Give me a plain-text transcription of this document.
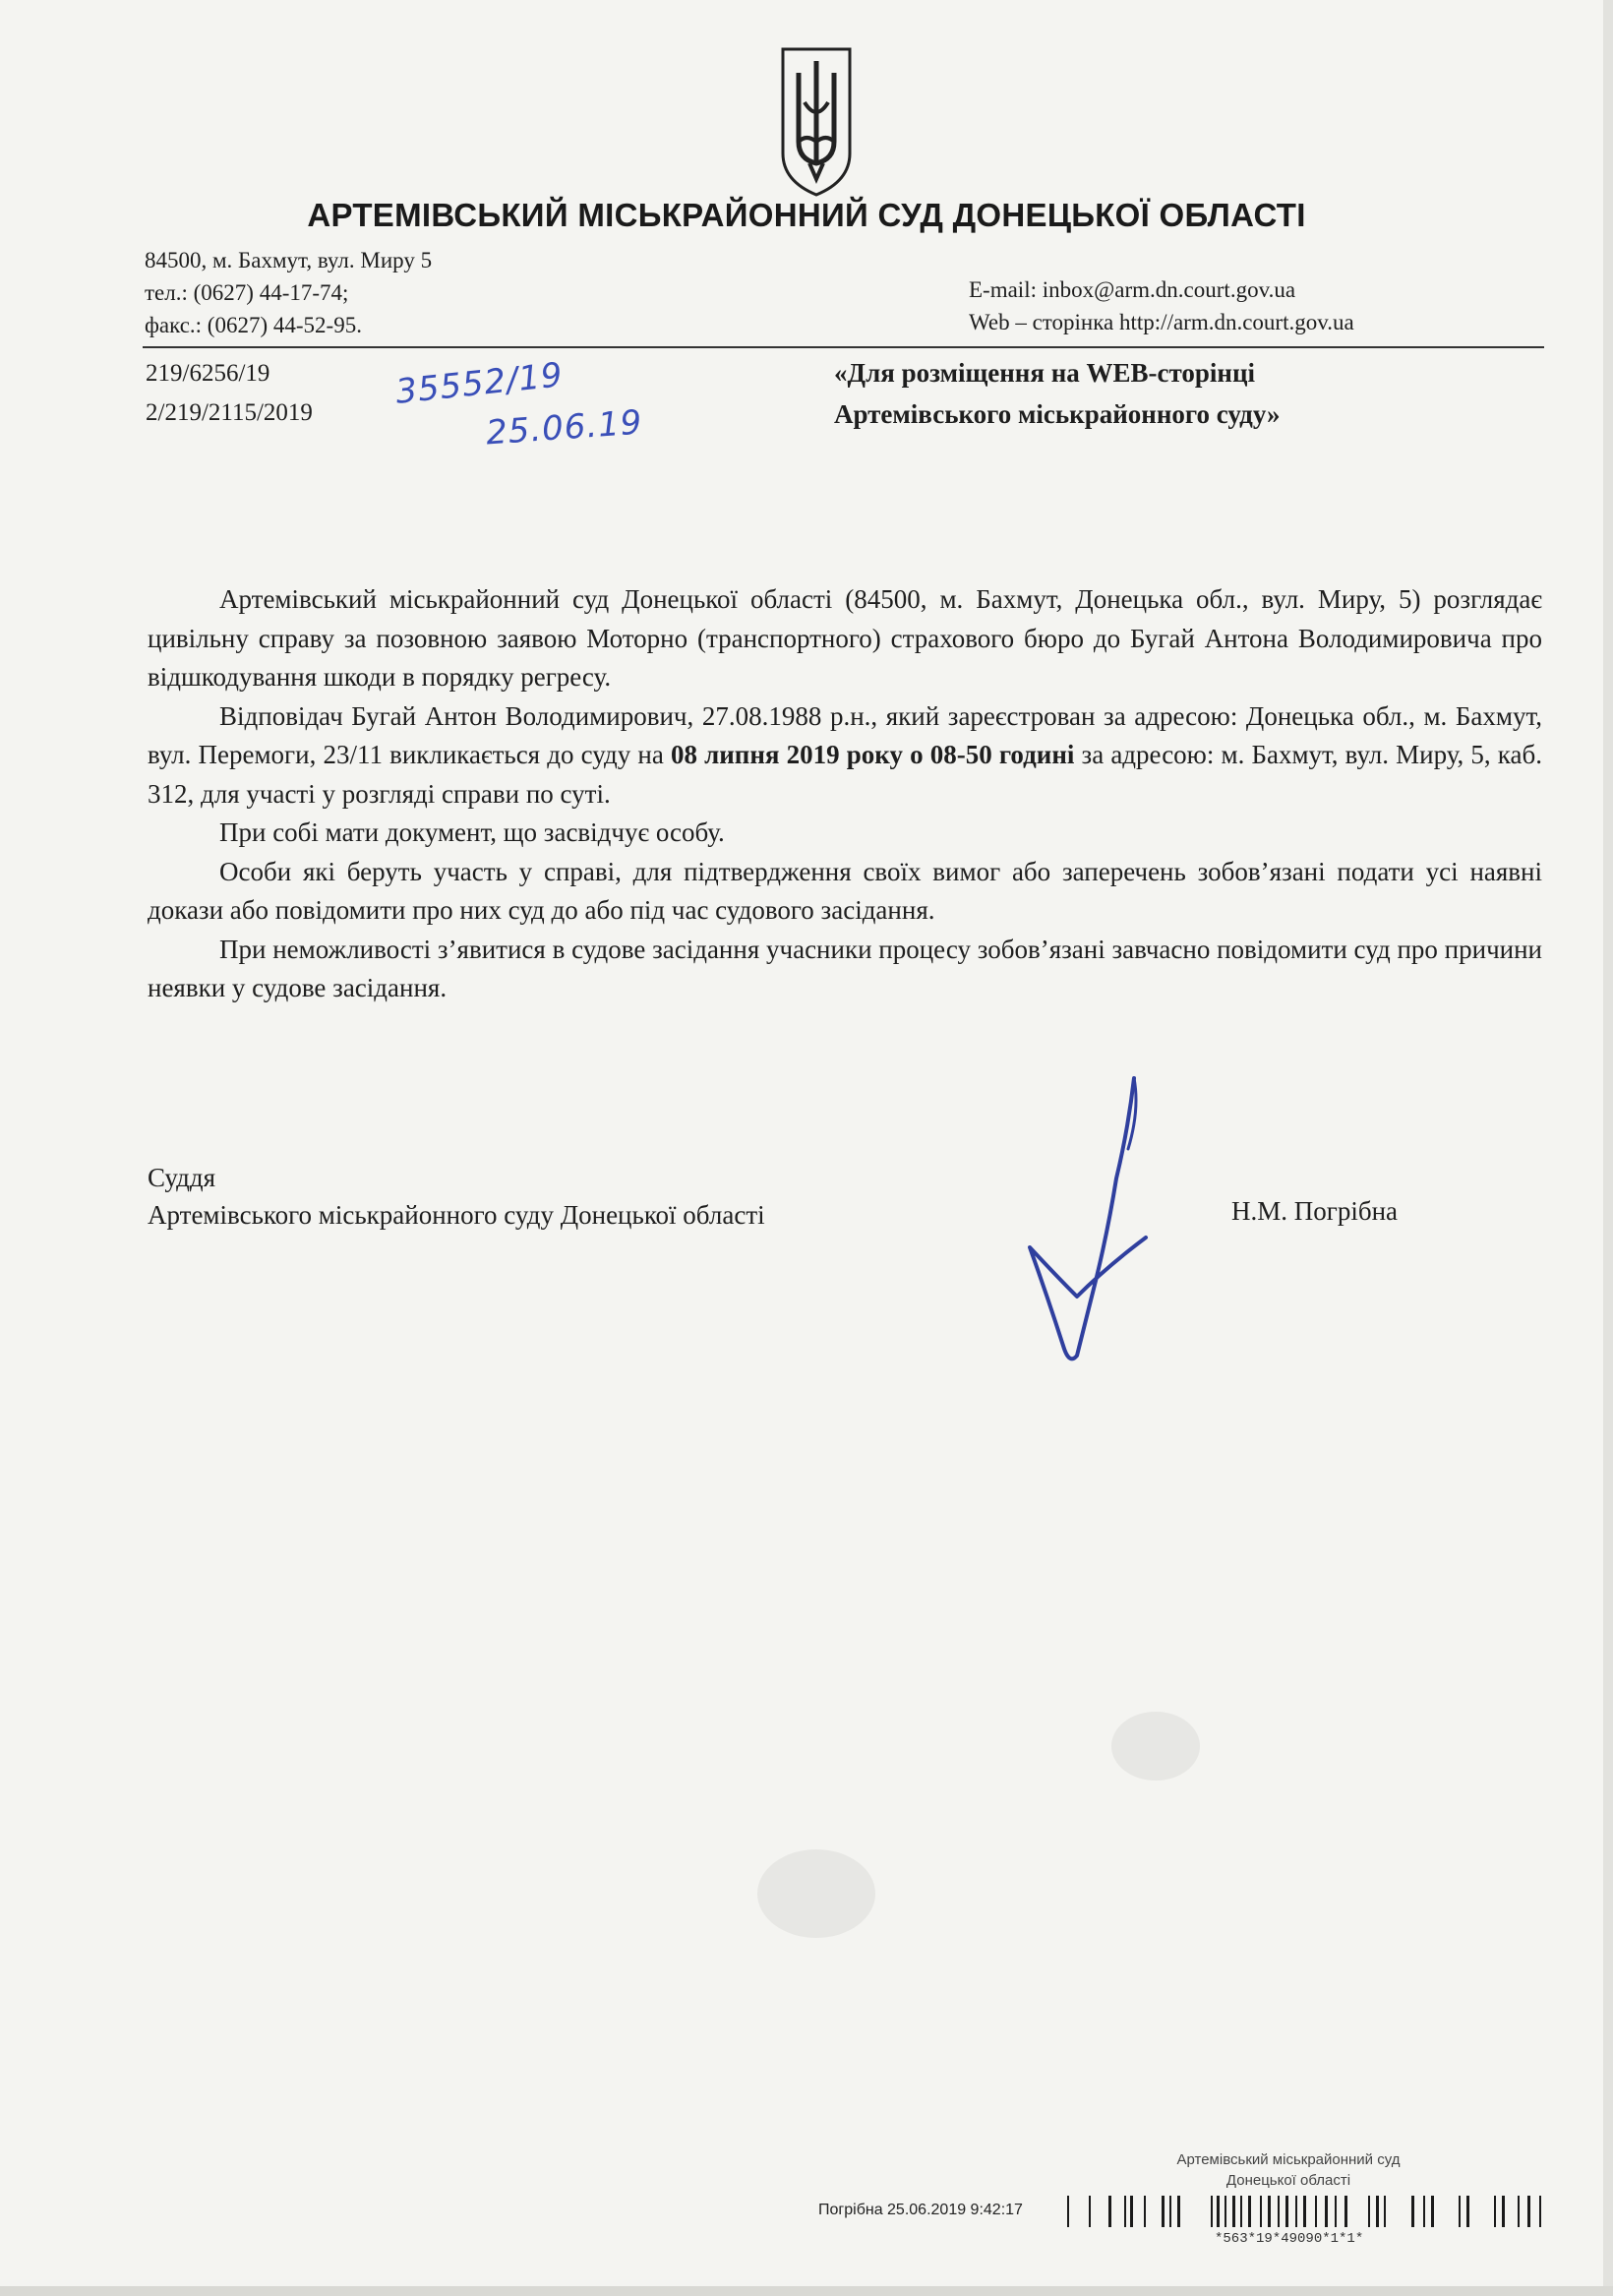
АРТЕМІВСЬКИЙ МІСЬКРАЙОННИЙ СУД ДОНЕЦЬКОЇ ОБЛАСТІ
84500, м. Бахмут, вул. Миру 5
тел.: (0627) 44-17-74;
факс.: (0627) 44-52-95.
E-mail: inbox@arm.dn.court.gov.ua
Web – сторінка http://arm.dn.court.gov.ua
219/6256/19
2/219/2115/2019
35552/19
25.06.19
«Для розміщення на WEB-сторінці
Артемівського міськрайонного суду»

Артемівський міськрайонний суд Донецької області (84500, м. Бахмут, Донецька обл., вул. Миру, 5) розглядає цивільну справу за позовною заявою Моторно (транспортного) страхового бюро до Бугай Антона Володимировича про відшкодування шкоди в порядку регресу.

Відповідач Бугай Антон Володимирович, 27.08.1988 р.н., який зареєстрован за адресою: Донецька обл., м. Бахмут, вул. Перемоги, 23/11 викликається до суду на 08 липня 2019 року о 08-50 годині за адресою: м. Бахмут, вул. Миру, 5, каб. 312, для участі у розгляді справи по суті.

При собі мати документ, що засвідчує особу.

Особи які беруть участь у справі, для підтвердження своїх вимог або заперечень зобов’язані подати усі наявні докази або повідомити про них суд до або під час судового засідання.

При неможливості з’явитися в судове засідання учасники процесу зобов’язані завчасно повідомити суд про причини неявки у судове засідання.

Суддя
Артемівського міськрайонного суду Донецької області	Н.М. Погрібна
Артемівський міськрайонний суд
Донецької області
Погрібна 25.06.2019 9:42:17
*563*19*49090*1*1*
